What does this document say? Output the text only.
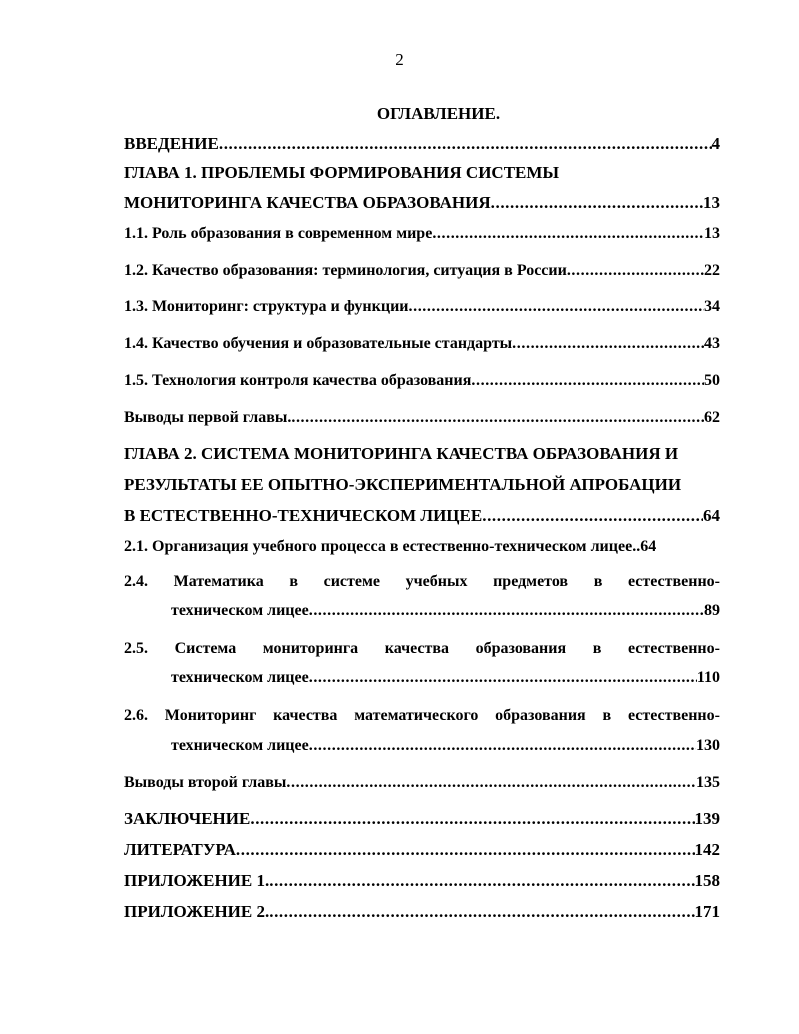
2
ОГЛАВЛЕНИЕ.
ВВЕДЕНИЕ .....	4
ГЛАВА 1. ПРОБЛЕМЫ ФОРМИРОВАНИЯ СИСТЕМЫ
МОНИТОРИНГА КАЧЕСТВА ОБРАЗОВАНИЯ .....	13
1.1. Роль образования в современном мире .....	13
1.2. Качество образования: терминология, ситуация в России .....	22
1.3. Мониторинг: структура и функции .....	34
1.4. Качество обучения и образовательные стандарты .....	43
1.5. Технология контроля качества образования .....	50
Выводы первой главы. .....	62
ГЛАВА 2. СИСТЕМА МОНИТОРИНГА КАЧЕСТВА ОБРАЗОВАНИЯ И
РЕЗУЛЬТАТЫ ЕЕ ОПЫТНО-ЭКСПЕРИМЕНТАЛЬНОЙ АПРОБАЦИИ
В ЕСТЕСТВЕННО-ТЕХНИЧЕСКОМ ЛИЦЕЕ .....	64
2.1. Организация учебного процесса в естественно-техническом лицее.. 64
2.4. Математика в системе учебных предметов в естественно-
техническом лицее .....	89
2.5. Система мониторинга качества образования в естественно-
техническом лицее .....	110
2.6. Мониторинг качества математического образования в естественно-
техническом лицее .....	130
Выводы второй главы .....	135
ЗАКЛЮЧЕНИЕ .....	139
ЛИТЕРАТУРА .....	142
ПРИЛОЖЕНИЕ 1. .....	158
ПРИЛОЖЕНИЕ 2. .....	171
